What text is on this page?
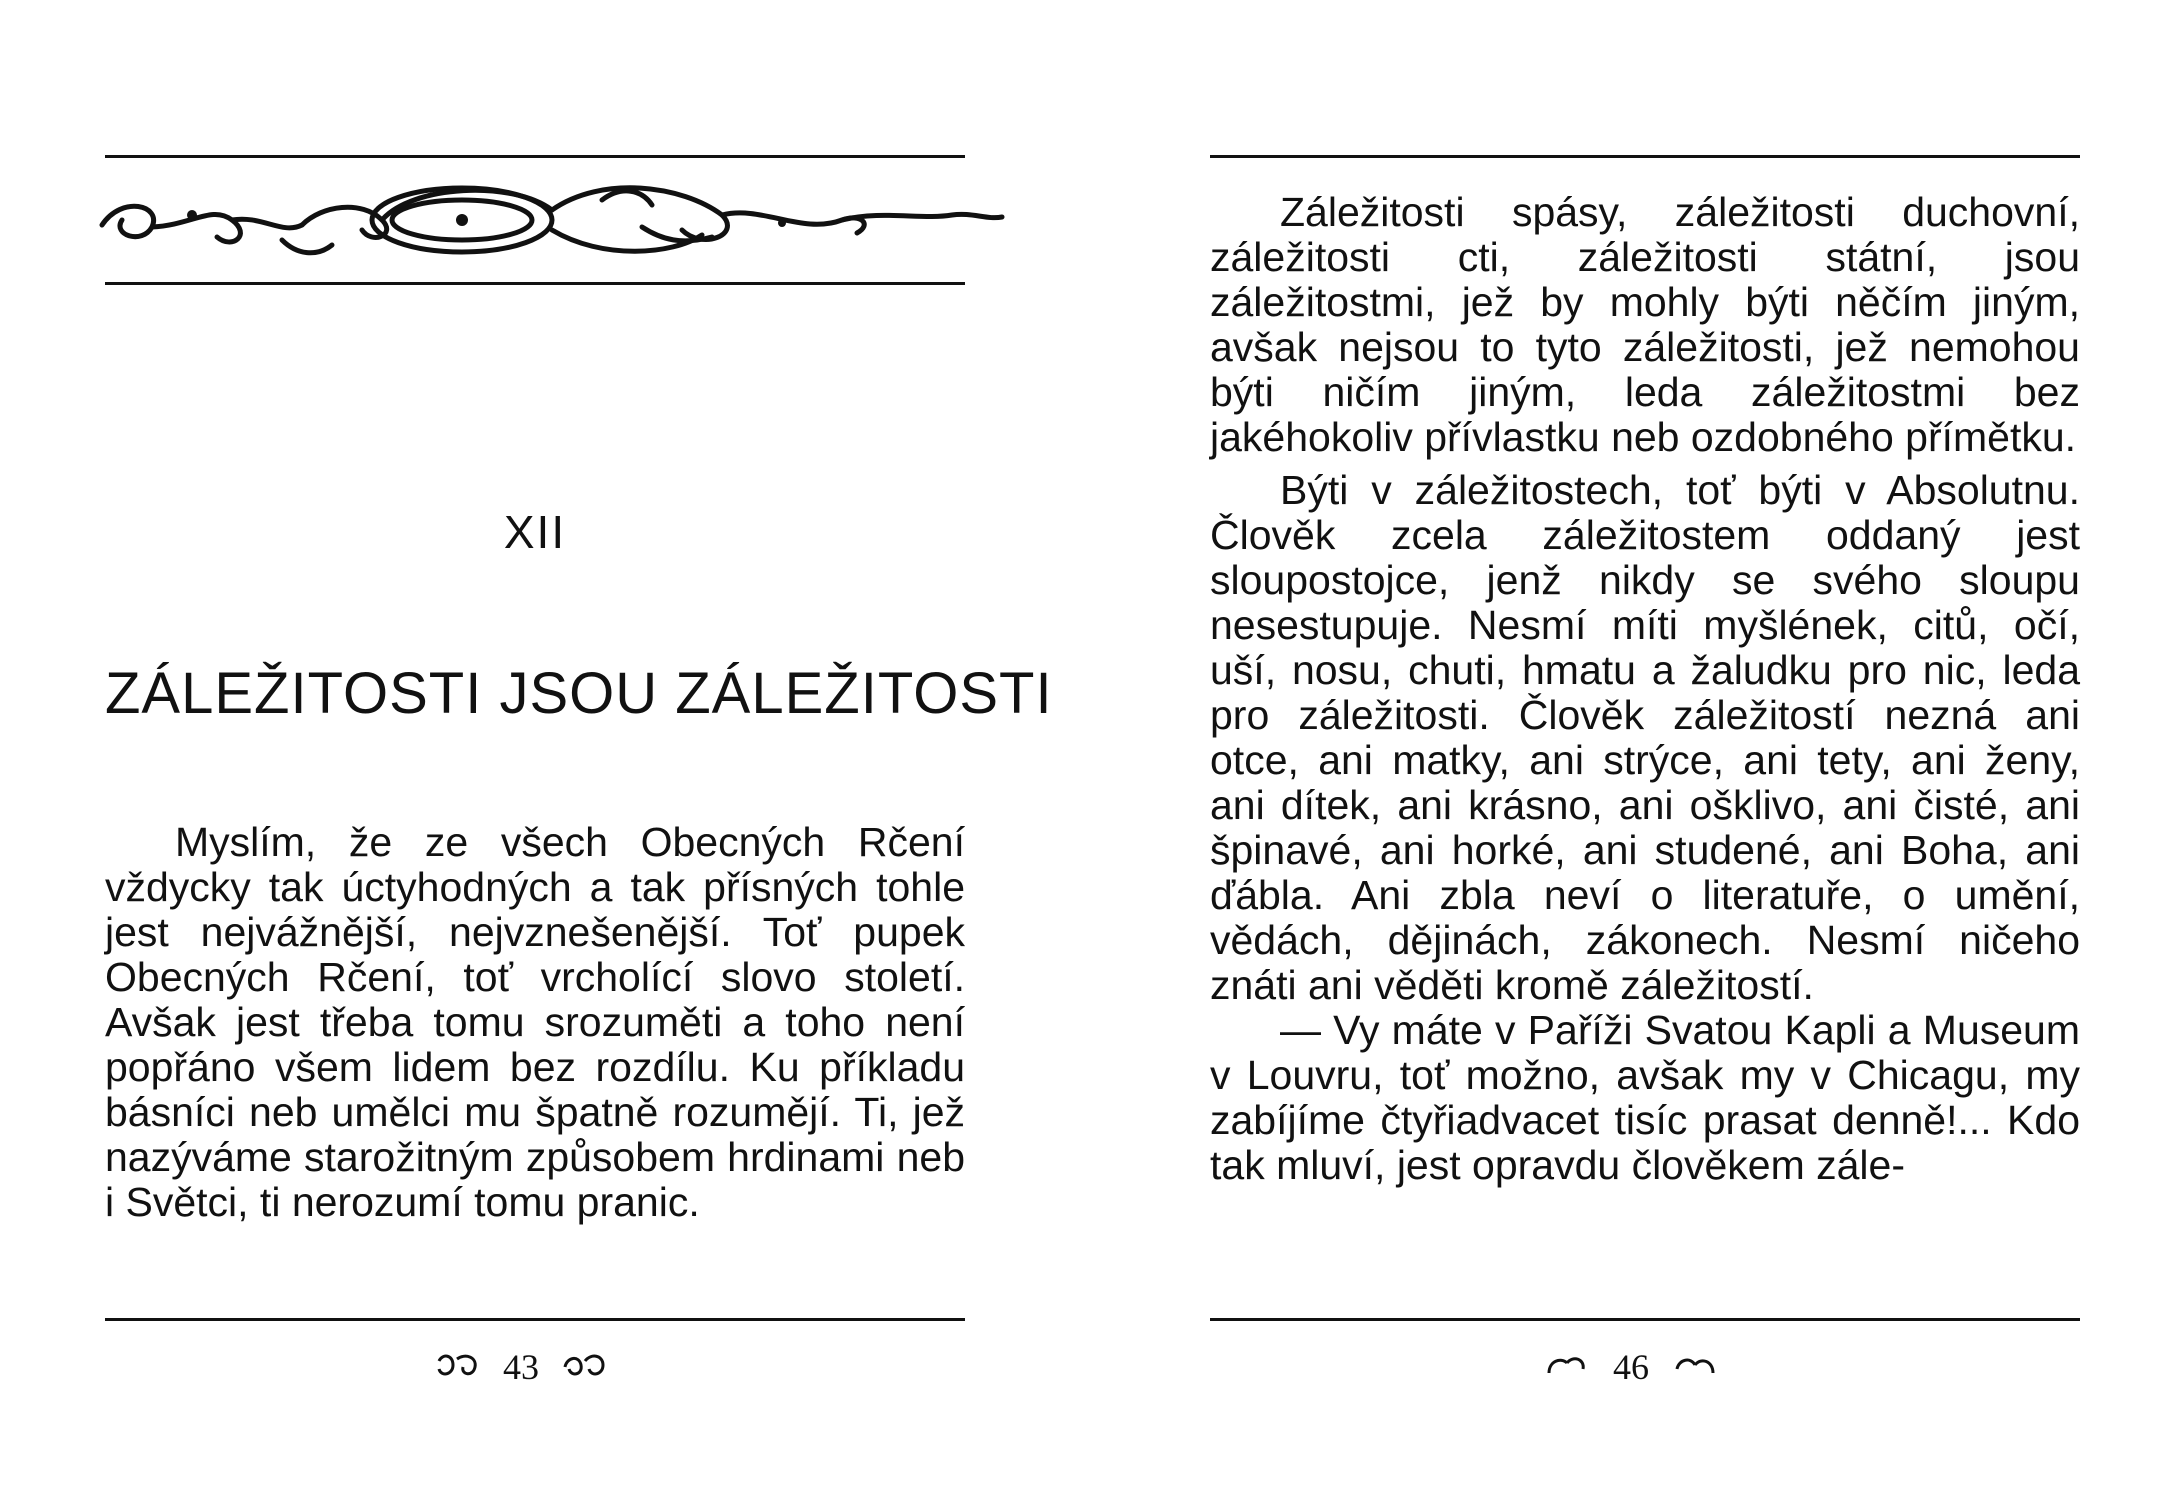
XII
ZÁLEŽITOSTI JSOU ZÁLEŽITOSTI

Myslím, že ze všech Obecných Rčení vždycky tak úctyhodných a tak přísných tohle jest nejvážnější, nejvznešenější. Toť pupek Obecných Rčení, toť vrcholící slovo století. Avšak jest třeba tomu srozuměti a toho není popřáno všem lidem bez rozdílu. Ku příkladu básníci neb umělci mu špatně rozumějí. Ti, jež nazýváme starožitným způsobem hrdinami neb i Světci, ti nerozumí tomu pranic.

43

Záležitosti spásy, záležitosti duchovní, záležitosti cti, záležitosti státní, jsou záležitostmi, jež by mohly býti něčím jiným, avšak nejsou to tyto záležitosti, jež nemohou býti ničím jiným, leda záležitostmi bez jakéhokoliv přívlastku neb ozdobného přímětku.

Býti v záležitostech, toť býti v Absolutnu. Člověk zcela záležitostem oddaný jest sloupostojce, jenž nikdy se svého sloupu nesestupuje. Nesmí míti myšlének, citů, očí, uší, nosu, chuti, hmatu a žaludku pro nic, leda pro záležitosti. Člověk záležitostí nezná ani otce, ani matky, ani strýce, ani tety, ani ženy, ani dítek, ani krásno, ani ošklivo, ani čisté, ani špinavé, ani horké, ani studené, ani Boha, ani ďábla. Ani zbla neví o literatuře, o umění, vědách, dějinách, zákonech. Nesmí ničeho znáti ani věděti kromě záležitostí.

— Vy máte v Paříži Svatou Kapli a Museum v Louvru, toť možno, avšak my v Chicagu, my zabíjíme čtyřiadvacet tisíc prasat denně!... Kdo tak mluví, jest opravdu člověkem zále-

46
